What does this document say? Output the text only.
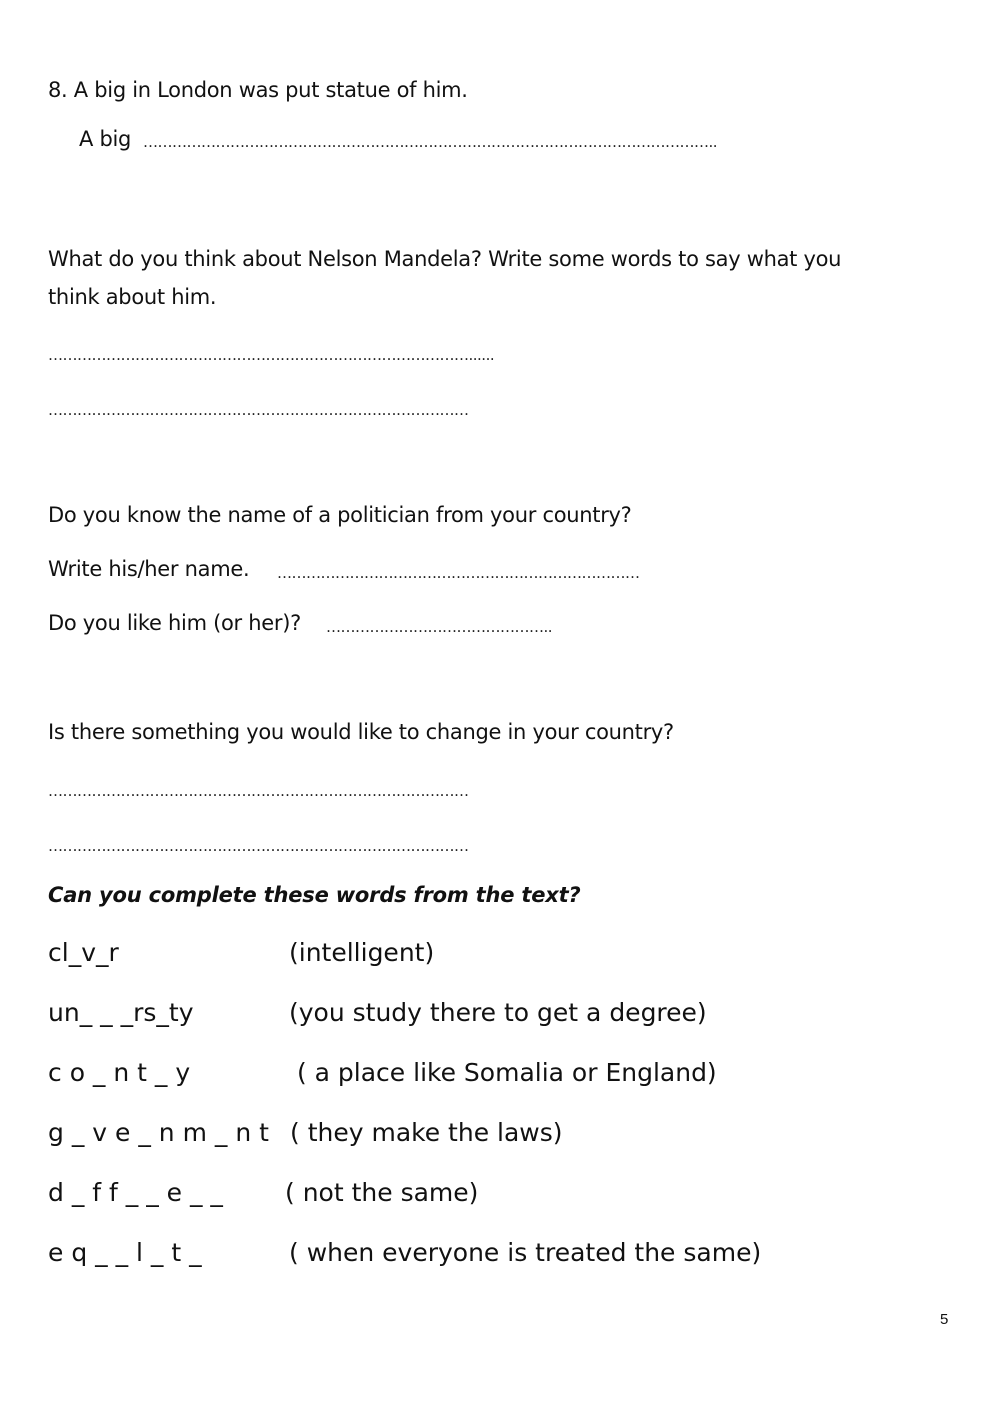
8. A big in London was put statue of him.
A big ………………………………………………………………………………………………………..
What do you think about Nelson Mandela? Write some words to say what you
think about him.
……………………………………………………………………………......
……………………………………………………………………………
Do you know the name of a politician from your country?
Write his/her name. …………………………………………………………………
Do you like him (or her)? ………………………………………..
Is there something you would like to change in your country?
……………………………………………………………………………
……………………………………………………………………………
Can you complete these words from the text?
cl_v_r	(intelligent)
un_ _ _rs_ty	(you study there to get a degree)
c o _ n t _ y	( a place like Somalia or England)
g _ v e _ n m _ n t ( they make the laws)
d _ f f _ _ e _ _ ( not the same)
e q _ _ l _ t _	( when everyone is treated the same)
5
